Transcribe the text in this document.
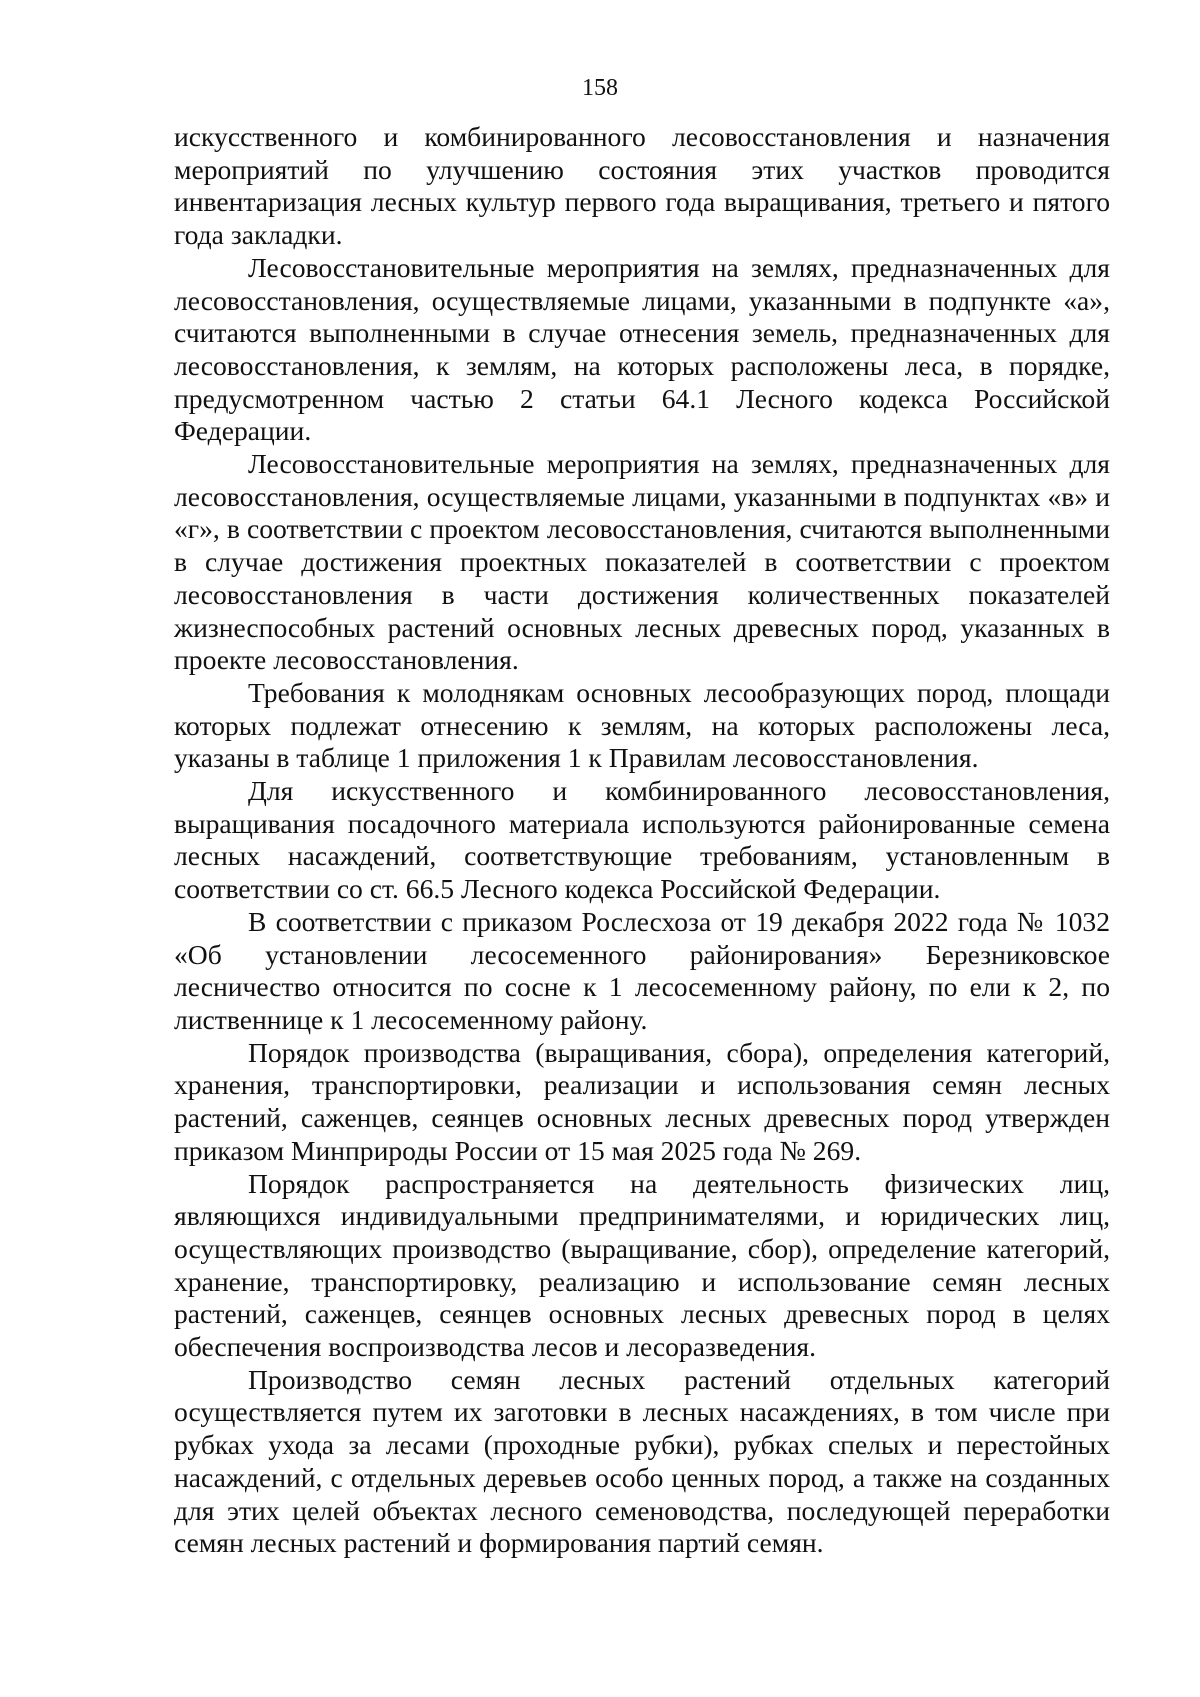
158

искусственного и комбинированного лесовосстановления и назначения мероприятий по улучшению состояния этих участков проводится инвентаризация лесных культур первого года выращивания, третьего и пятого года закладки.

Лесовосстановительные мероприятия на землях, предназначенных для лесовосстановления, осуществляемые лицами, указанными в подпункте «а», считаются выполненными в случае отнесения земель, предназначенных для лесовосстановления, к землям, на которых расположены леса, в порядке, предусмотренном частью 2 статьи 64.1 Лесного кодекса Российской Федерации.

Лесовосстановительные мероприятия на землях, предназначенных для лесовосстановления, осуществляемые лицами, указанными в подпунктах «в» и «г», в соответствии с проектом лесовосстановления, считаются выполненными в случае достижения проектных показателей в соответствии с проектом лесовосстановления в части достижения количественных показателей жизнеспособных растений основных лесных древесных пород, указанных в проекте лесовосстановления.

Требования к молоднякам основных лесообразующих пород, площади которых подлежат отнесению к землям, на которых расположены леса, указаны в таблице 1 приложения 1 к Правилам лесовосстановления.

Для искусственного и комбинированного лесовосстановления, выращивания посадочного материала используются районированные семена лесных насаждений, соответствующие требованиям, установленным в соответствии со ст. 66.5 Лесного кодекса Российской Федерации.

В соответствии с приказом Рослесхоза от 19 декабря 2022 года № 1032 «Об установлении лесосеменного районирования» Березниковское лесничество относится по сосне к 1 лесосеменному району, по ели к 2, по лиственнице к 1 лесосеменному району.

Порядок производства (выращивания, сбора), определения категорий, хранения, транспортировки, реализации и использования семян лесных растений, саженцев, сеянцев основных лесных древесных пород утвержден приказом Минприроды России от 15 мая 2025 года № 269.

Порядок распространяется на деятельность физических лиц, являющихся индивидуальными предпринимателями, и юридических лиц, осуществляющих производство (выращивание, сбор), определение категорий, хранение, транспортировку, реализацию и использование семян лесных растений, саженцев, сеянцев основных лесных древесных пород в целях обеспечения воспроизводства лесов и лесоразведения.

Производство семян лесных растений отдельных категорий осуществляется путем их заготовки в лесных насаждениях, в том числе при рубках ухода за лесами (проходные рубки), рубках спелых и перестойных насаждений, с отдельных деревьев особо ценных пород, а также на созданных для этих целей объектах лесного семеноводства, последующей переработки семян лесных растений и формирования партий семян.
